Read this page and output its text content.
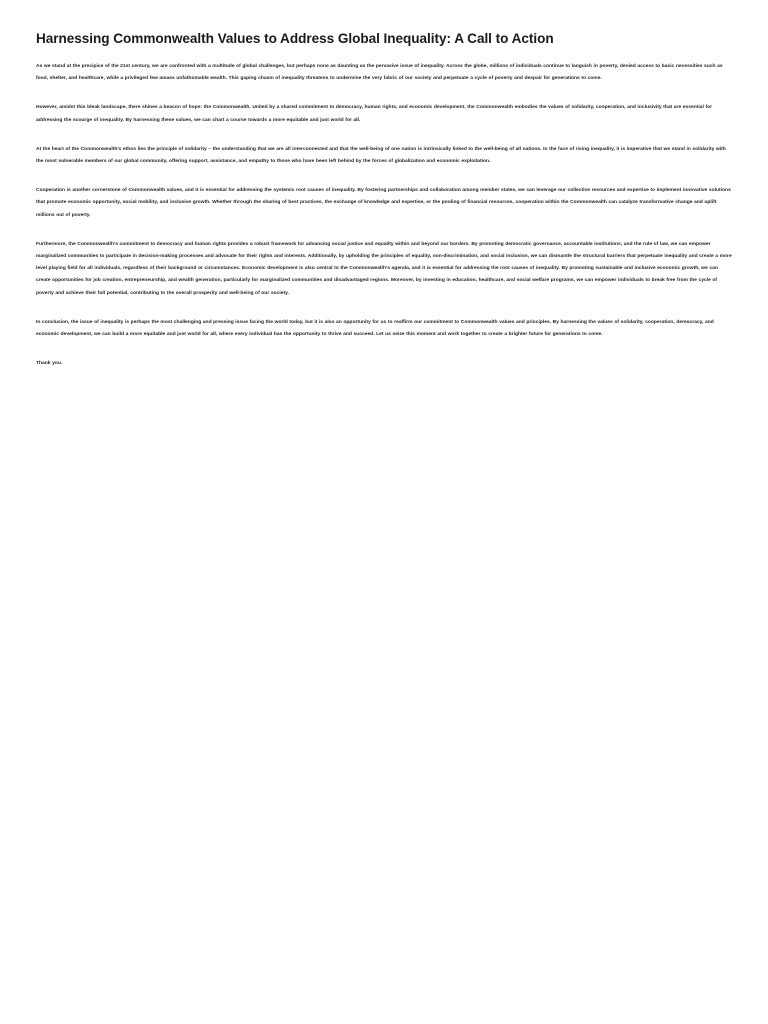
Harnessing Commonwealth Values to Address Global Inequality: A Call to Action

As we stand at the precipice of the 21st century, we are confronted with a multitude of global challenges, but perhaps none as daunting as the pervasive issue of inequality. Across the globe, millions of individuals continue to languish in poverty, denied access to basic necessities such as food, shelter, and healthcare, while a privileged few amass unfathomable wealth. This gaping chasm of inequality threatens to undermine the very fabric of our society and perpetuate a cycle of poverty and despair for generations to come.

However, amidst this bleak landscape, there shines a beacon of hope: the Commonwealth. United by a shared commitment to democracy, human rights, and economic development, the Commonwealth embodies the values of solidarity, cooperation, and inclusivity that are essential for addressing the scourge of inequality. By harnessing these values, we can chart a course towards a more equitable and just world for all.

At the heart of the Commonwealth's ethos lies the principle of solidarity – the understanding that we are all interconnected and that the well-being of one nation is intrinsically linked to the well-being of all nations. In the face of rising inequality, it is imperative that we stand in solidarity with the most vulnerable members of our global community, offering support, assistance, and empathy to those who have been left behind by the forces of globalization and economic exploitation.

Cooperation is another cornerstone of Commonwealth values, and it is essential for addressing the systemic root causes of inequality. By fostering partnerships and collaboration among member states, we can leverage our collective resources and expertise to implement innovative solutions that promote economic opportunity, social mobility, and inclusive growth. Whether through the sharing of best practices, the exchange of knowledge and expertise, or the pooling of financial resources, cooperation within the Commonwealth can catalyze transformative change and uplift millions out of poverty.

Furthermore, the Commonwealth's commitment to democracy and human rights provides a robust framework for advancing social justice and equality within and beyond our borders. By promoting democratic governance, accountable institutions, and the rule of law, we can empower marginalized communities to participate in decision-making processes and advocate for their rights and interests. Additionally, by upholding the principles of equality, non-discrimination, and social inclusion, we can dismantle the structural barriers that perpetuate inequality and create a more level playing field for all individuals, regardless of their background or circumstances. Economic development is also central to the Commonwealth's agenda, and it is essential for addressing the root causes of inequality. By promoting sustainable and inclusive economic growth, we can create opportunities for job creation, entrepreneurship, and wealth generation, particularly for marginalized communities and disadvantaged regions. Moreover, by investing in education, healthcare, and social welfare programs, we can empower individuals to break free from the cycle of poverty and achieve their full potential, contributing to the overall prosperity and well-being of our society.

In conclusion, the issue of inequality is perhaps the most challenging and pressing issue facing the world today, but it is also an opportunity for us to reaffirm our commitment to Commonwealth values and principles. By harnessing the values of solidarity, cooperation, democracy, and economic development, we can build a more equitable and just world for all, where every individual has the opportunity to thrive and succeed. Let us seize this moment and work together to create a brighter future for generations to come.

Thank you.
